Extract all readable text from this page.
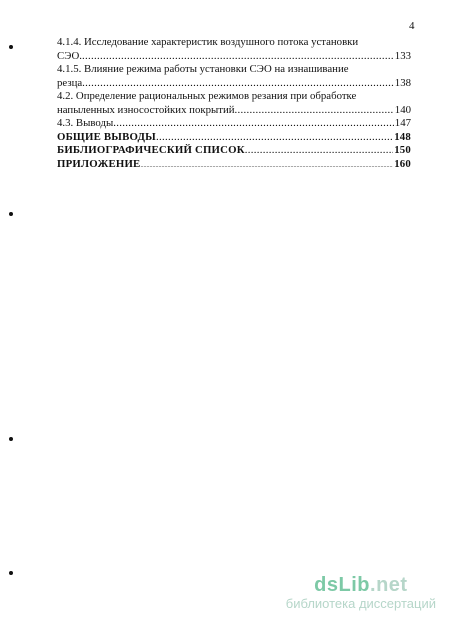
4
4.1.4. Исследование характеристик воздушного потока установки
СЭО. .....	133
4.1.5. Влияние режима работы установки СЭО на изнашивание
резца .....	138
4.2. Определение рациональных режимов резания при обработке
напыленных износостойких покрытий .....	140
4.3. Выводы .....	147
ОБЩИЕ ВЫВОДЫ .....	148
БИБЛИОГРАФИЧЕСКИЙ СПИСОК .....	150
ПРИЛОЖЕНИЕ .....	160
dsLib.net
библиотека диссертаций
